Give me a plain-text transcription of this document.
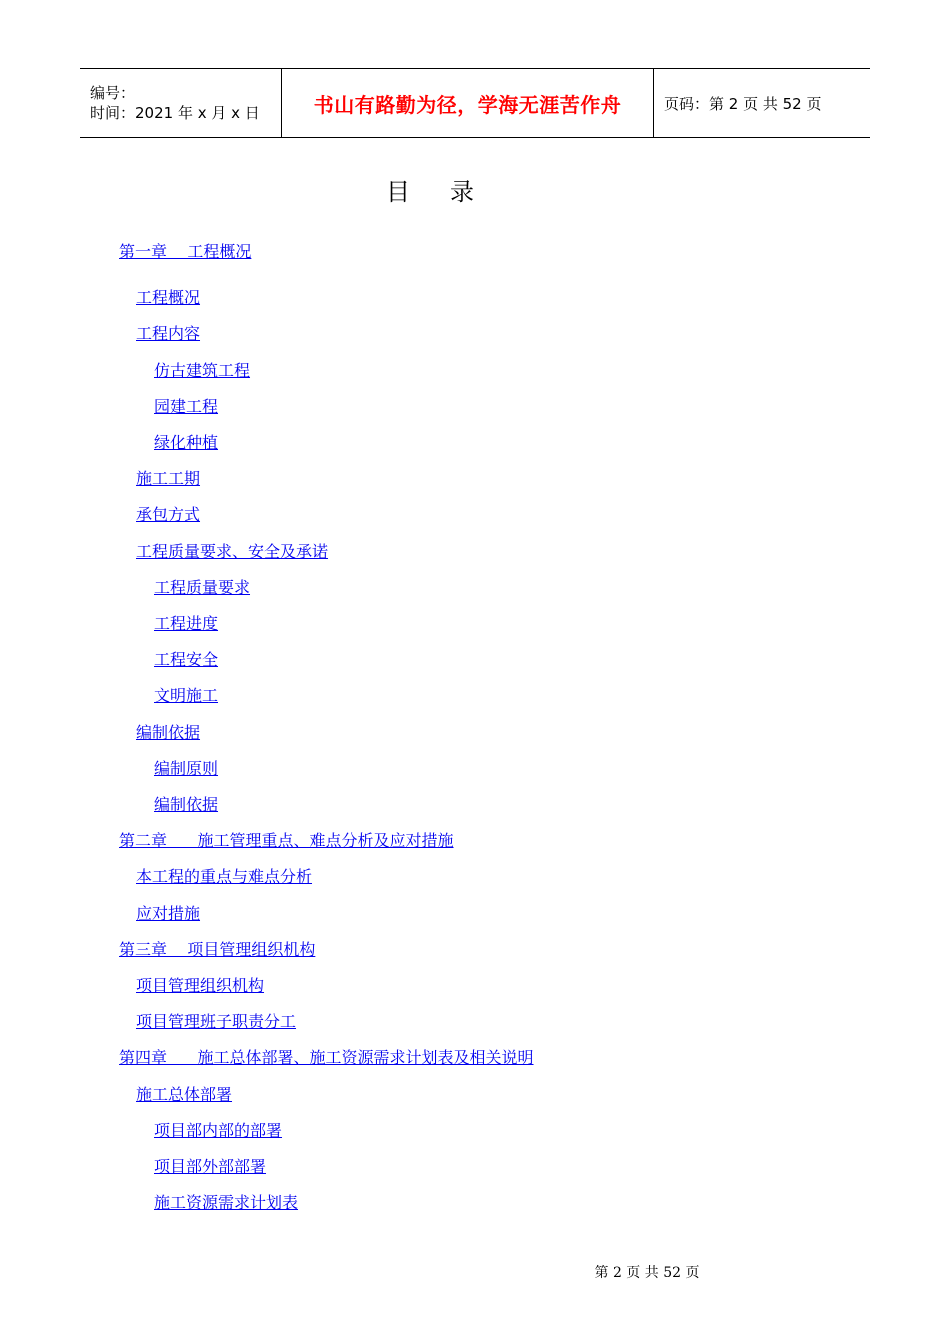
编号：
时间：2021 年 x 月 x 日	书山有路勤为径，学海无涯苦作舟	页码：第 2 页 共 52 页
目录
第一章    工程概况
工程概况
工程内容
仿古建筑工程
园建工程
绿化种植
施工工期
承包方式
工程质量要求、安全及承诺
工程质量要求
工程进度
工程安全
文明施工
编制依据
编制原则
编制依据
第二章      施工管理重点、难点分析及应对措施
本工程的重点与难点分析
应对措施
第三章    项目管理组织机构
项目管理组织机构
项目管理班子职责分工
第四章      施工总体部署、施工资源需求计划表及相关说明
施工总体部署
项目部内部的部署
项目部外部部署
施工资源需求计划表
第 2 页 共 52 页
